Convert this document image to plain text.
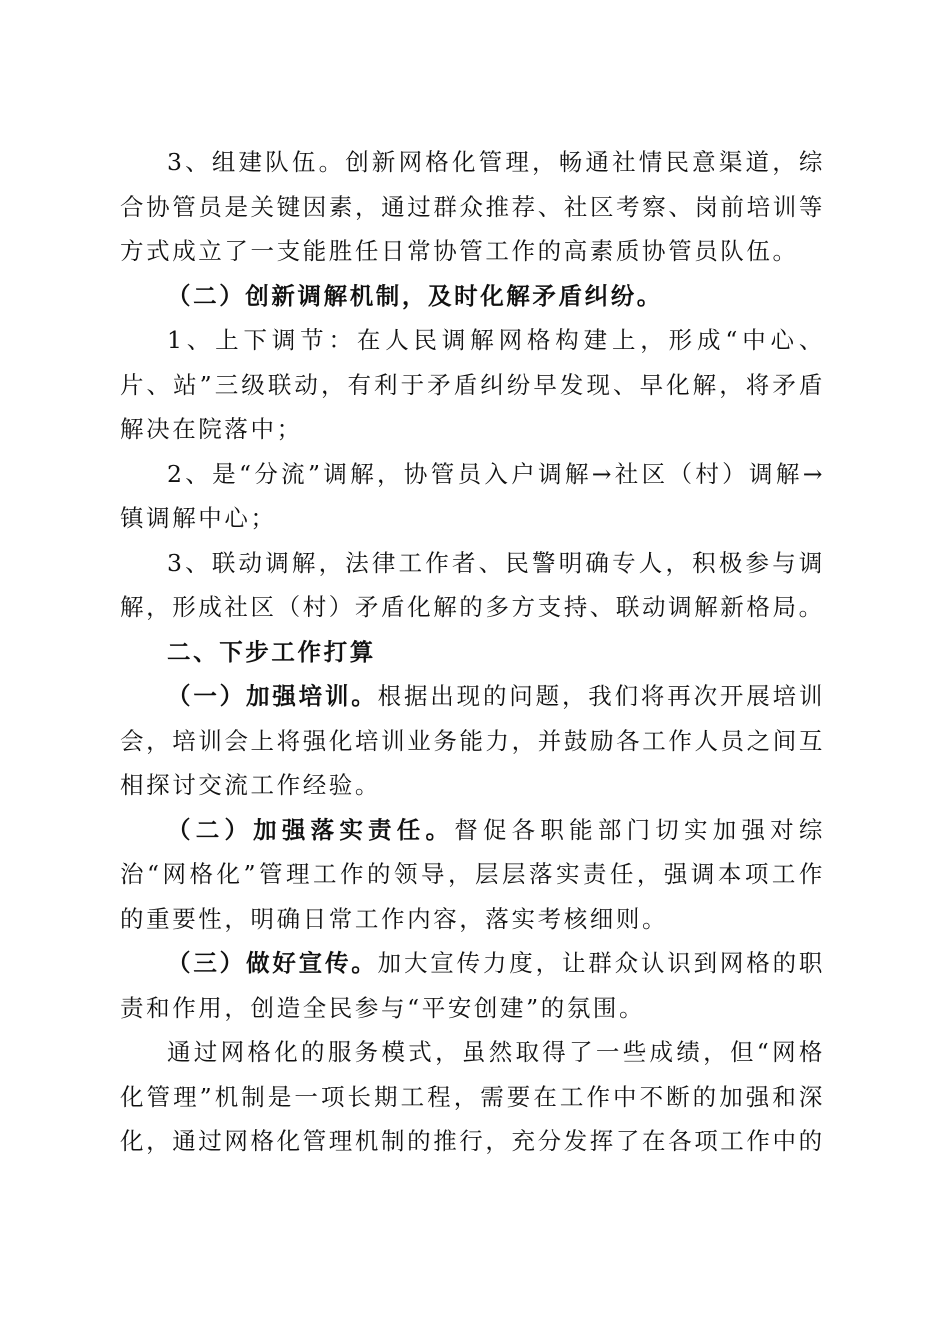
3、组建队伍。创新网格化管理，畅通社情民意渠道，综合协管员是关键因素，通过群众推荐、社区考察、岗前培训等方式成立了一支能胜任日常协管工作的高素质协管员队伍。

（二）创新调解机制，及时化解矛盾纠纷。

1、上下调节：在人民调解网格构建上，形成“中心、片、站”三级联动，有利于矛盾纠纷早发现、早化解，将矛盾解决在院落中；

2、是“分流”调解，协管员入户调解→社区（村）调解→镇调解中心；

3、联动调解，法律工作者、民警明确专人，积极参与调解，形成社区（村）矛盾化解的多方支持、联动调解新格局。

二、下步工作打算

（一）加强培训。根据出现的问题，我们将再次开展培训会，培训会上将强化培训业务能力，并鼓励各工作人员之间互相探讨交流工作经验。

（二）加强落实责任。督促各职能部门切实加强对综治“网格化”管理工作的领导，层层落实责任，强调本项工作的重要性，明确日常工作内容，落实考核细则。

（三）做好宣传。加大宣传力度，让群众认识到网格的职责和作用，创造全民参与“平安创建”的氛围。

通过网格化的服务模式，虽然取得了一些成绩，但“网格化管理”机制是一项长期工程，需要在工作中不断的加强和深化，通过网格化管理机制的推行，充分发挥了在各项工作中的
